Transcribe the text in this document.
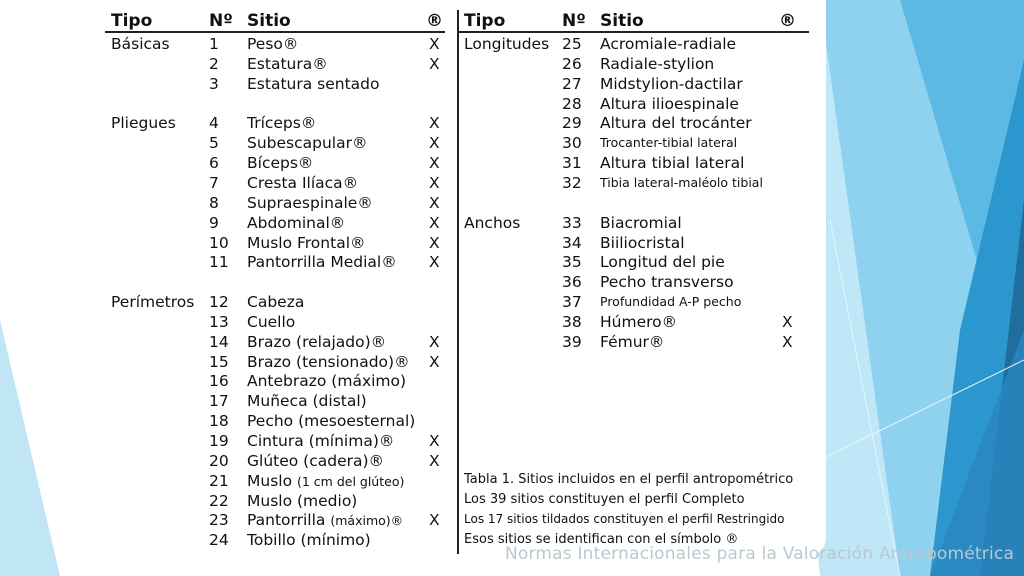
Tipo	Nº Sitio	® Tipo	Nº Sitio	®
Básicas	1 Peso®	X
2 Estatura®	X
3 Estatura sentado
Pliegues 4 Tríceps®	X
5 Subescapular®	X
6 Bíceps®	X
7 Cresta Ilíaca®	X
8 Supraespinale®	X
9 Abdominal®	X
10 Muslo Frontal®	X
11 Pantorrilla Medial® X
Perímetros 12 Cabeza
13 Cuello
14 Brazo (relajado)®	X
15 Brazo (tensionado)® X
16 Antebrazo (máximo)
17 Muñeca (distal)
18 Pecho (mesoesternal)
19 Cintura (mínima)® X
20 Glúteo (cadera)®	X
21 Muslo (1 cm del glúteo)
22 Muslo (medio)
23 Pantorrilla (máximo)® X
24 Tobillo (mínimo)
Longitudes 25 Acromiale-radiale
26 Radiale-stylion
27 Midstylion-dactilar
28 Altura ilioespinale
29 Altura del trocánter
30 Trocanter-tibial lateral
31 Altura tibial lateral
32 Tibia lateral-maléolo tibial
Anchos	33 Biacromial
34 Biiliocristal
35 Longitud del pie
36 Pecho transverso
37 Profundidad A-P pecho
38 Húmero®	X
39 Fémur®	X
Tabla 1. Sitios incluidos en el perfil antropométrico
Los 39 sitios constituyen el perfil Completo
Los 17 sitios tildados constituyen el perfil Restringido
Esos sitios se identifican con el símbolo ®
Normas Internacionales para la Valoración Antropométrica
